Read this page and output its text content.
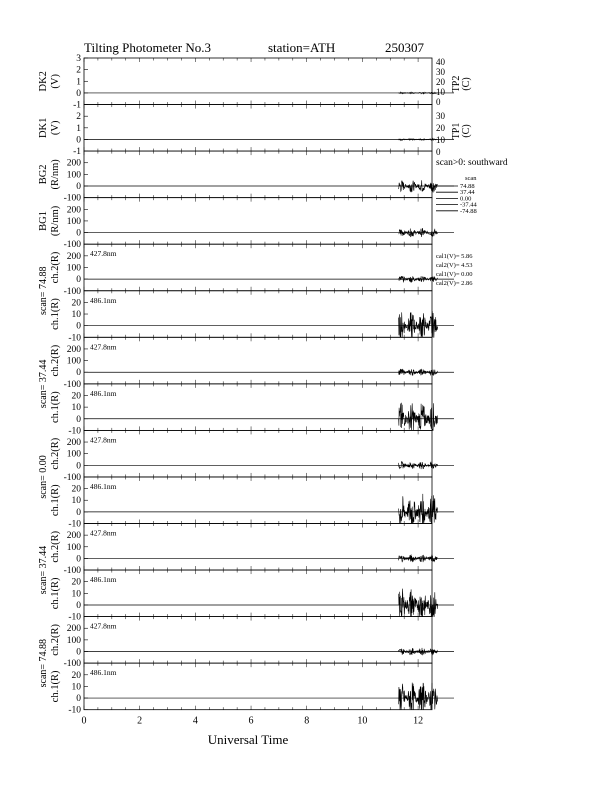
Tilting Photometer No.3	station=ATH	250307
3
2
1
0
-1
DK2 (V)
2
1
0
-1
DK1 (V)
200
100
0
-100
BG2 (R/nm)
200
100
0
-100
BG1 (R/nm)
200
100
0
-100
ch.2(R)	427.8nm
20
10
0
-10
ch.1(R)	486.1nm
200
100
0
-100
ch.2(R)	427.8nm
20
10
0
-10
ch.1(R)	486.1nm
200
100
0
-100
ch.2(R)	427.8nm
20
10
0
-10
ch.1(R)	486.1nm
200
100
0
-100
ch.2(R)	427.8nm
20
10
0
-10
ch.1(R)	486.1nm
200
100
0
-100
ch.2(R)	427.8nm
20
10
0
-10
ch.1(R)	486.1nm
scan= 74.88
scan= 37.44
scan= 0.00
scan= 37.44
scan= 74.88
40
30
20
10
0
TP2 (C)
30
20
10
0
TP1 (C)
scan>0: southward
scan
74.88
37.44
0.00
-37.44
-74.88
cal1(V)= 5.86
cal2(V)= 4.53
cal1(V)= 0.00
cal2(V)= 2.86
0	2	4	6	8	10	12
Universal Time
